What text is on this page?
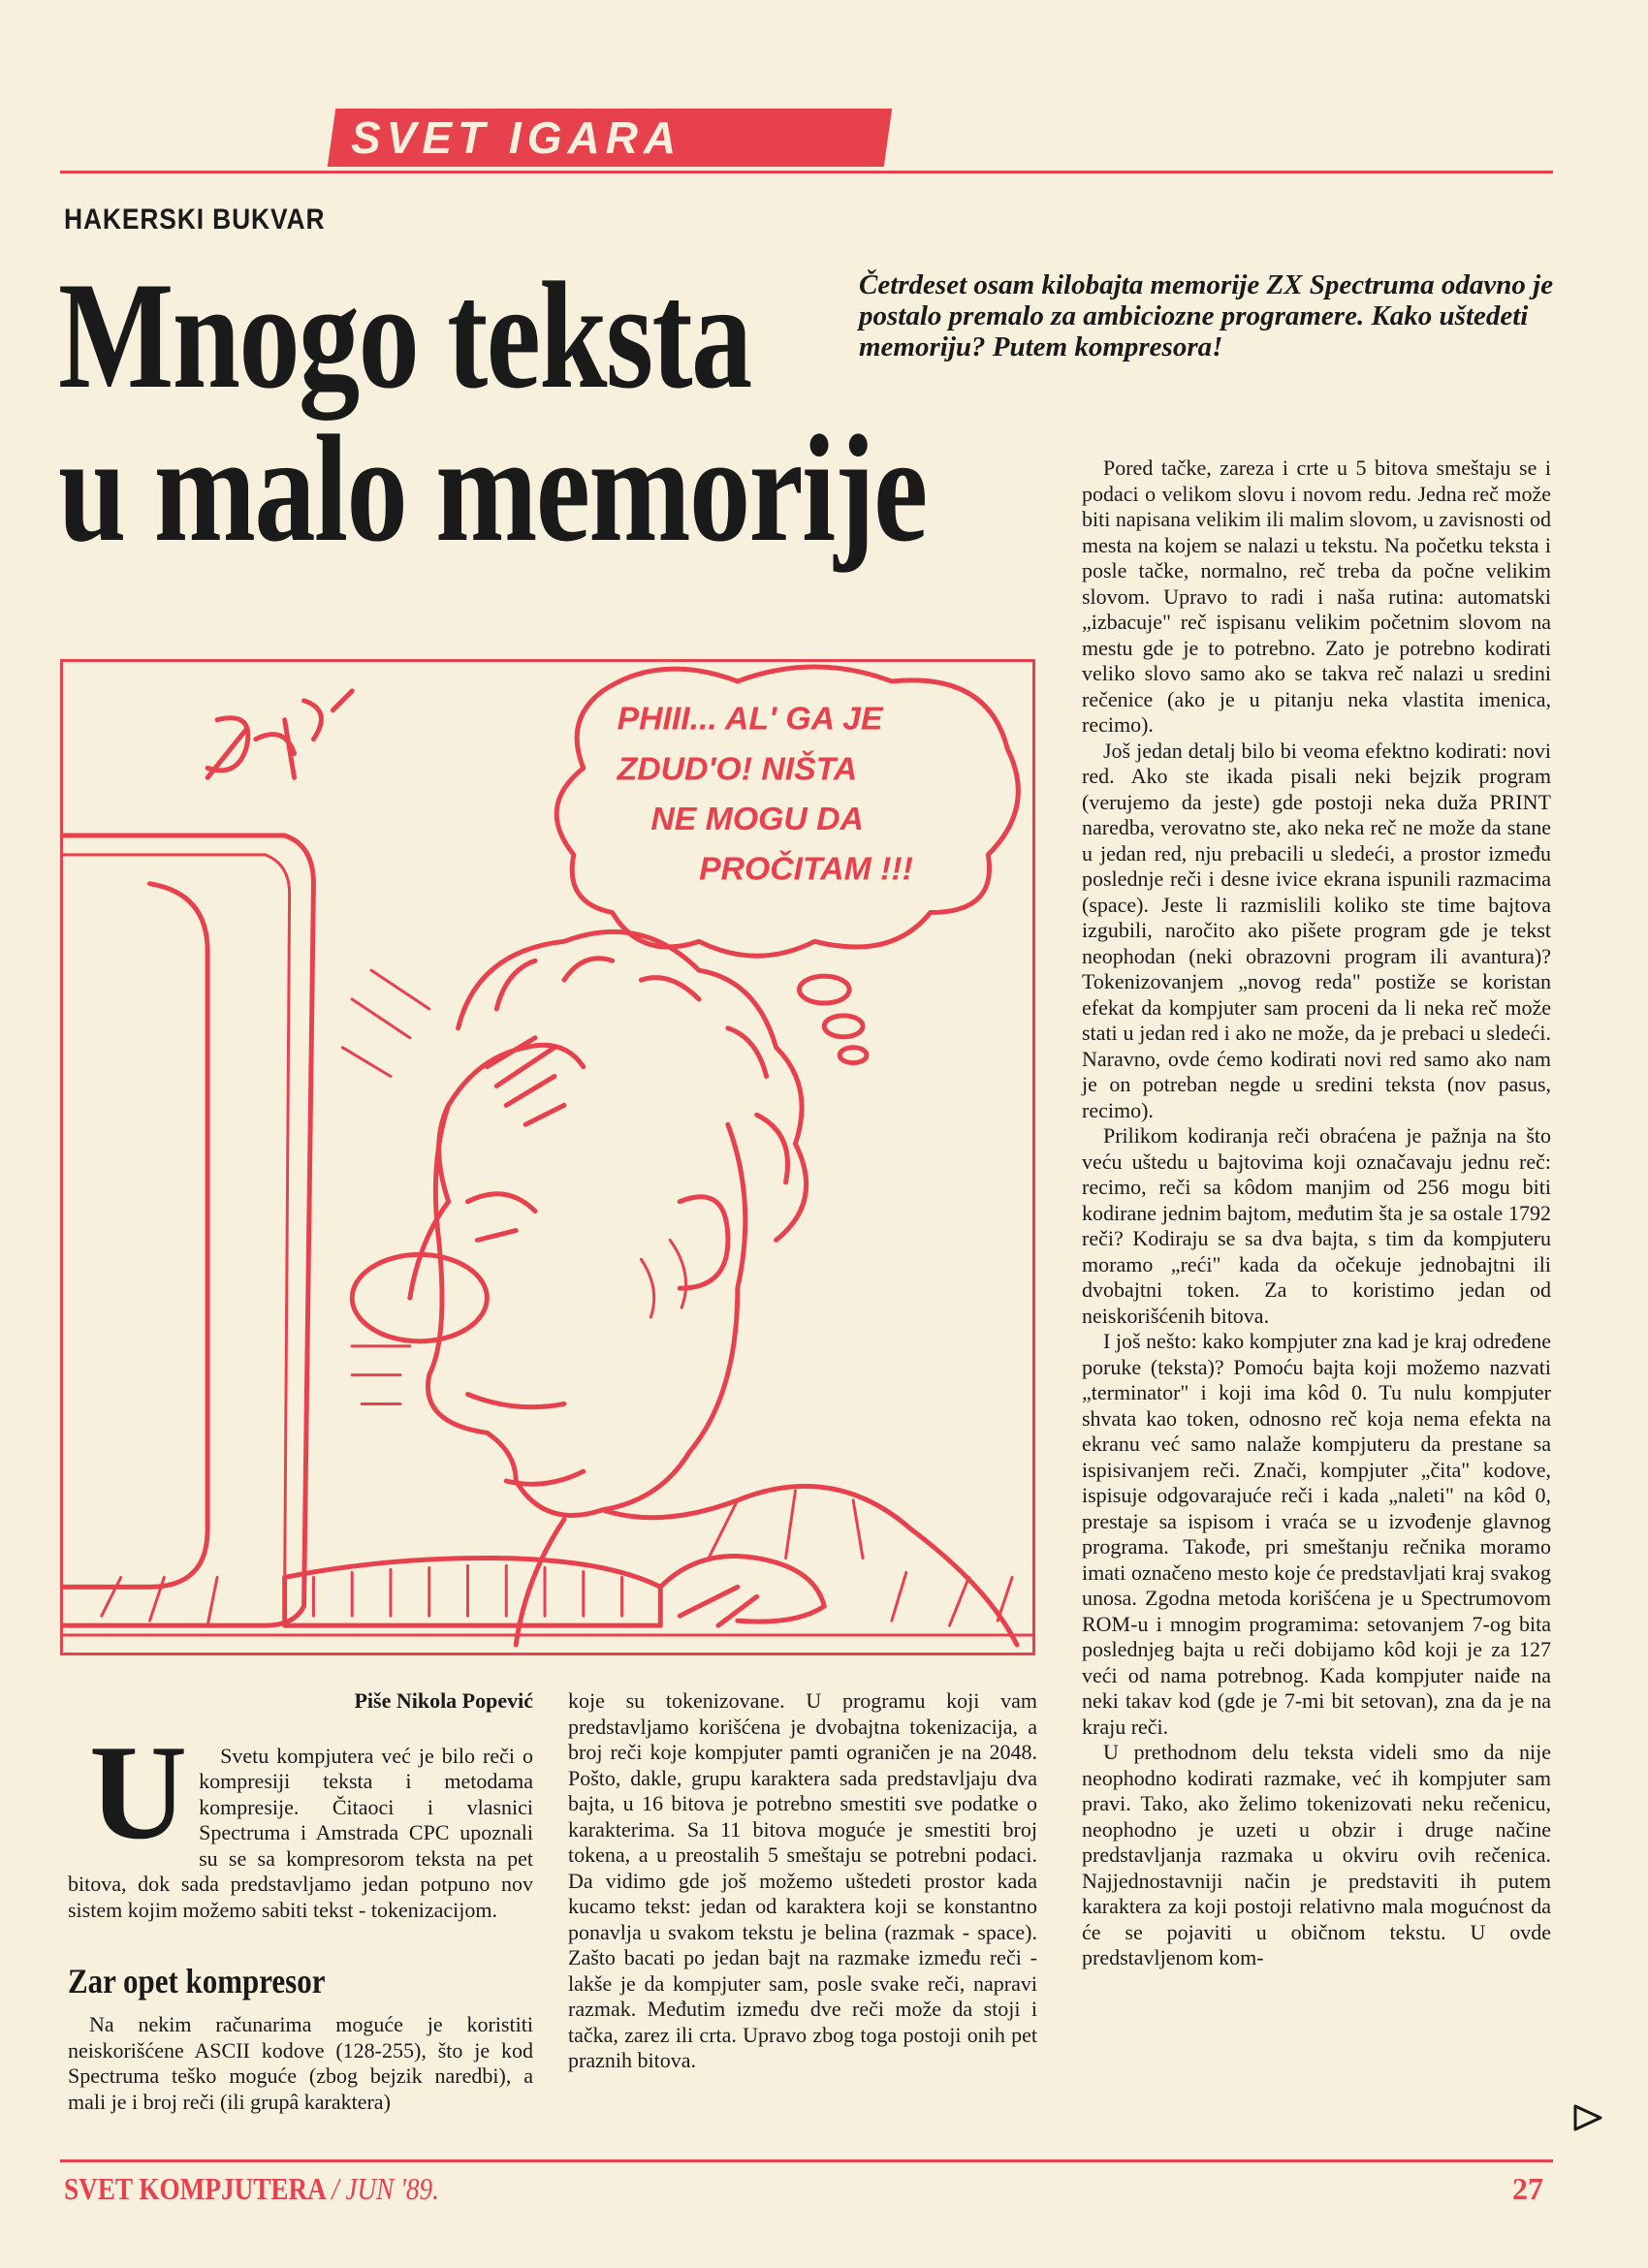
SVET IGARA
HAKERSKI BUKVAR
Mnogo teksta
u malo memorije
Četrdeset osam kilobajta memorije ZX Spectruma odavno je postalo premalo za ambiciozne programere. Kako uštedeti memoriju? Putem kompresora!
PHIII... AL' GA JE
ZDUD'O! NIŠTA
NE MOGU DA
PROČITAM !!!
Piše Nikola Popević

U Svetu kompjutera već je bilo reči o kompresiji teksta i metodama kompresije. Čitaoci i vlasnici Spectruma i Amstrada CPC upoznali su se sa kompresorom teksta na pet bitova, dok sada predstavljamo jedan potpuno nov sistem kojim možemo sabiti tekst - tokenizacijom.

Zar opet kompresor

Na nekim računarima moguće je koristiti neiskorišćene ASCII kodove (128-255), što je kod Spectruma teško moguće (zbog bejzik naredbi), a mali je i broj reči (ili grupâ karaktera)

koje su tokenizovane. U programu koji vam predstavljamo korišćena je dvobajtna tokenizacija, a broj reči koje kompjuter pamti ograničen je na 2048. Pošto, dakle, grupu karaktera sada predstavljaju dva bajta, u 16 bitova je potrebno smestiti sve podatke o karakterima. Sa 11 bitova moguće je smestiti broj tokena, a u preostalih 5 smeštaju se potrebni podaci. Da vidimo gde još možemo uštedeti prostor kada kucamo tekst: jedan od karaktera koji se konstantno ponavlja u svakom tekstu je belina (razmak - space). Zašto bacati po jedan bajt na razmake između reči - lakše je da kompjuter sam, posle svake reči, napravi razmak. Međutim između dve reči može da stoji i tačka, zarez ili crta. Upravo zbog toga postoji onih pet praznih bitova.

Pored tačke, zareza i crte u 5 bitova smeštaju se i podaci o velikom slovu i novom redu. Jedna reč može biti napisana velikim ili malim slovom, u zavisnosti od mesta na kojem se nalazi u tekstu. Na početku teksta i posle tačke, normalno, reč treba da počne velikim slovom. Upravo to radi i naša rutina: automatski „izbacuje" reč ispisanu velikim početnim slovom na mestu gde je to potrebno. Zato je potrebno kodirati veliko slovo samo ako se takva reč nalazi u sredini rečenice (ako je u pitanju neka vlastita imenica, recimo).

Još jedan detalj bilo bi veoma efektno kodirati: novi red. Ako ste ikada pisali neki bejzik program (verujemo da jeste) gde postoji neka duža PRINT naredba, verovatno ste, ako neka reč ne može da stane u jedan red, nju prebacili u sledeći, a prostor između poslednje reči i desne ivice ekrana ispunili razmacima (space). Jeste li razmislili koliko ste time bajtova izgubili, naročito ako pišete program gde je tekst neophodan (neki obrazovni program ili avantura)? Tokenizovanjem „novog reda" postiže se koristan efekat da kompjuter sam proceni da li neka reč može stati u jedan red i ako ne može, da je prebaci u sledeći. Naravno, ovde ćemo kodirati novi red samo ako nam je on potreban negde u sredini teksta (nov pasus, recimo).

Prilikom kodiranja reči obraćena je pažnja na što veću uštedu u bajtovima koji označavaju jednu reč: recimo, reči sa kôdom manjim od 256 mogu biti kodirane jednim bajtom, međutim šta je sa ostale 1792 reči? Kodiraju se sa dva bajta, s tim da kompjuteru moramo „reći" kada da očekuje jednobajtni ili dvobajtni token. Za to koristimo jedan od neiskorišćenih bitova.

I još nešto: kako kompjuter zna kad je kraj određene poruke (teksta)? Pomoću bajta koji možemo nazvati „terminator" i koji ima kôd 0. Tu nulu kompjuter shvata kao token, odnosno reč koja nema efekta na ekranu već samo nalaže kompjuteru da prestane sa ispisivanjem reči. Znači, kompjuter „čita" kodove, ispisuje odgovarajuće reči i kada „naleti" na kôd 0, prestaje sa ispisom i vraća se u izvođenje glavnog programa. Takođe, pri smeštanju rečnika moramo imati označeno mesto koje će predstavljati kraj svakog unosa. Zgodna metoda korišćena je u Spectrumovom ROM-u i mnogim programima: setovanjem 7-og bita poslednjeg bajta u reči dobijamo kôd koji je za 127 veći od nama potrebnog. Kada kompjuter naiđe na neki takav kod (gde je 7-mi bit setovan), zna da je na kraju reči.

U prethodnom delu teksta videli smo da nije neophodno kodirati razmake, već ih kompjuter sam pravi. Tako, ako želimo tokenizovati neku rečenicu, neophodno je uzeti u obzir i druge načine predstavljanja razmaka u okviru ovih rečenica. Najjednostavniji način je predstaviti ih putem karaktera za koji postoji relativno mala mogućnost da će se pojaviti u običnom tekstu. U ovde predstavljenom kom-

SVET KOMPJUTERA / JUN '89.	27
